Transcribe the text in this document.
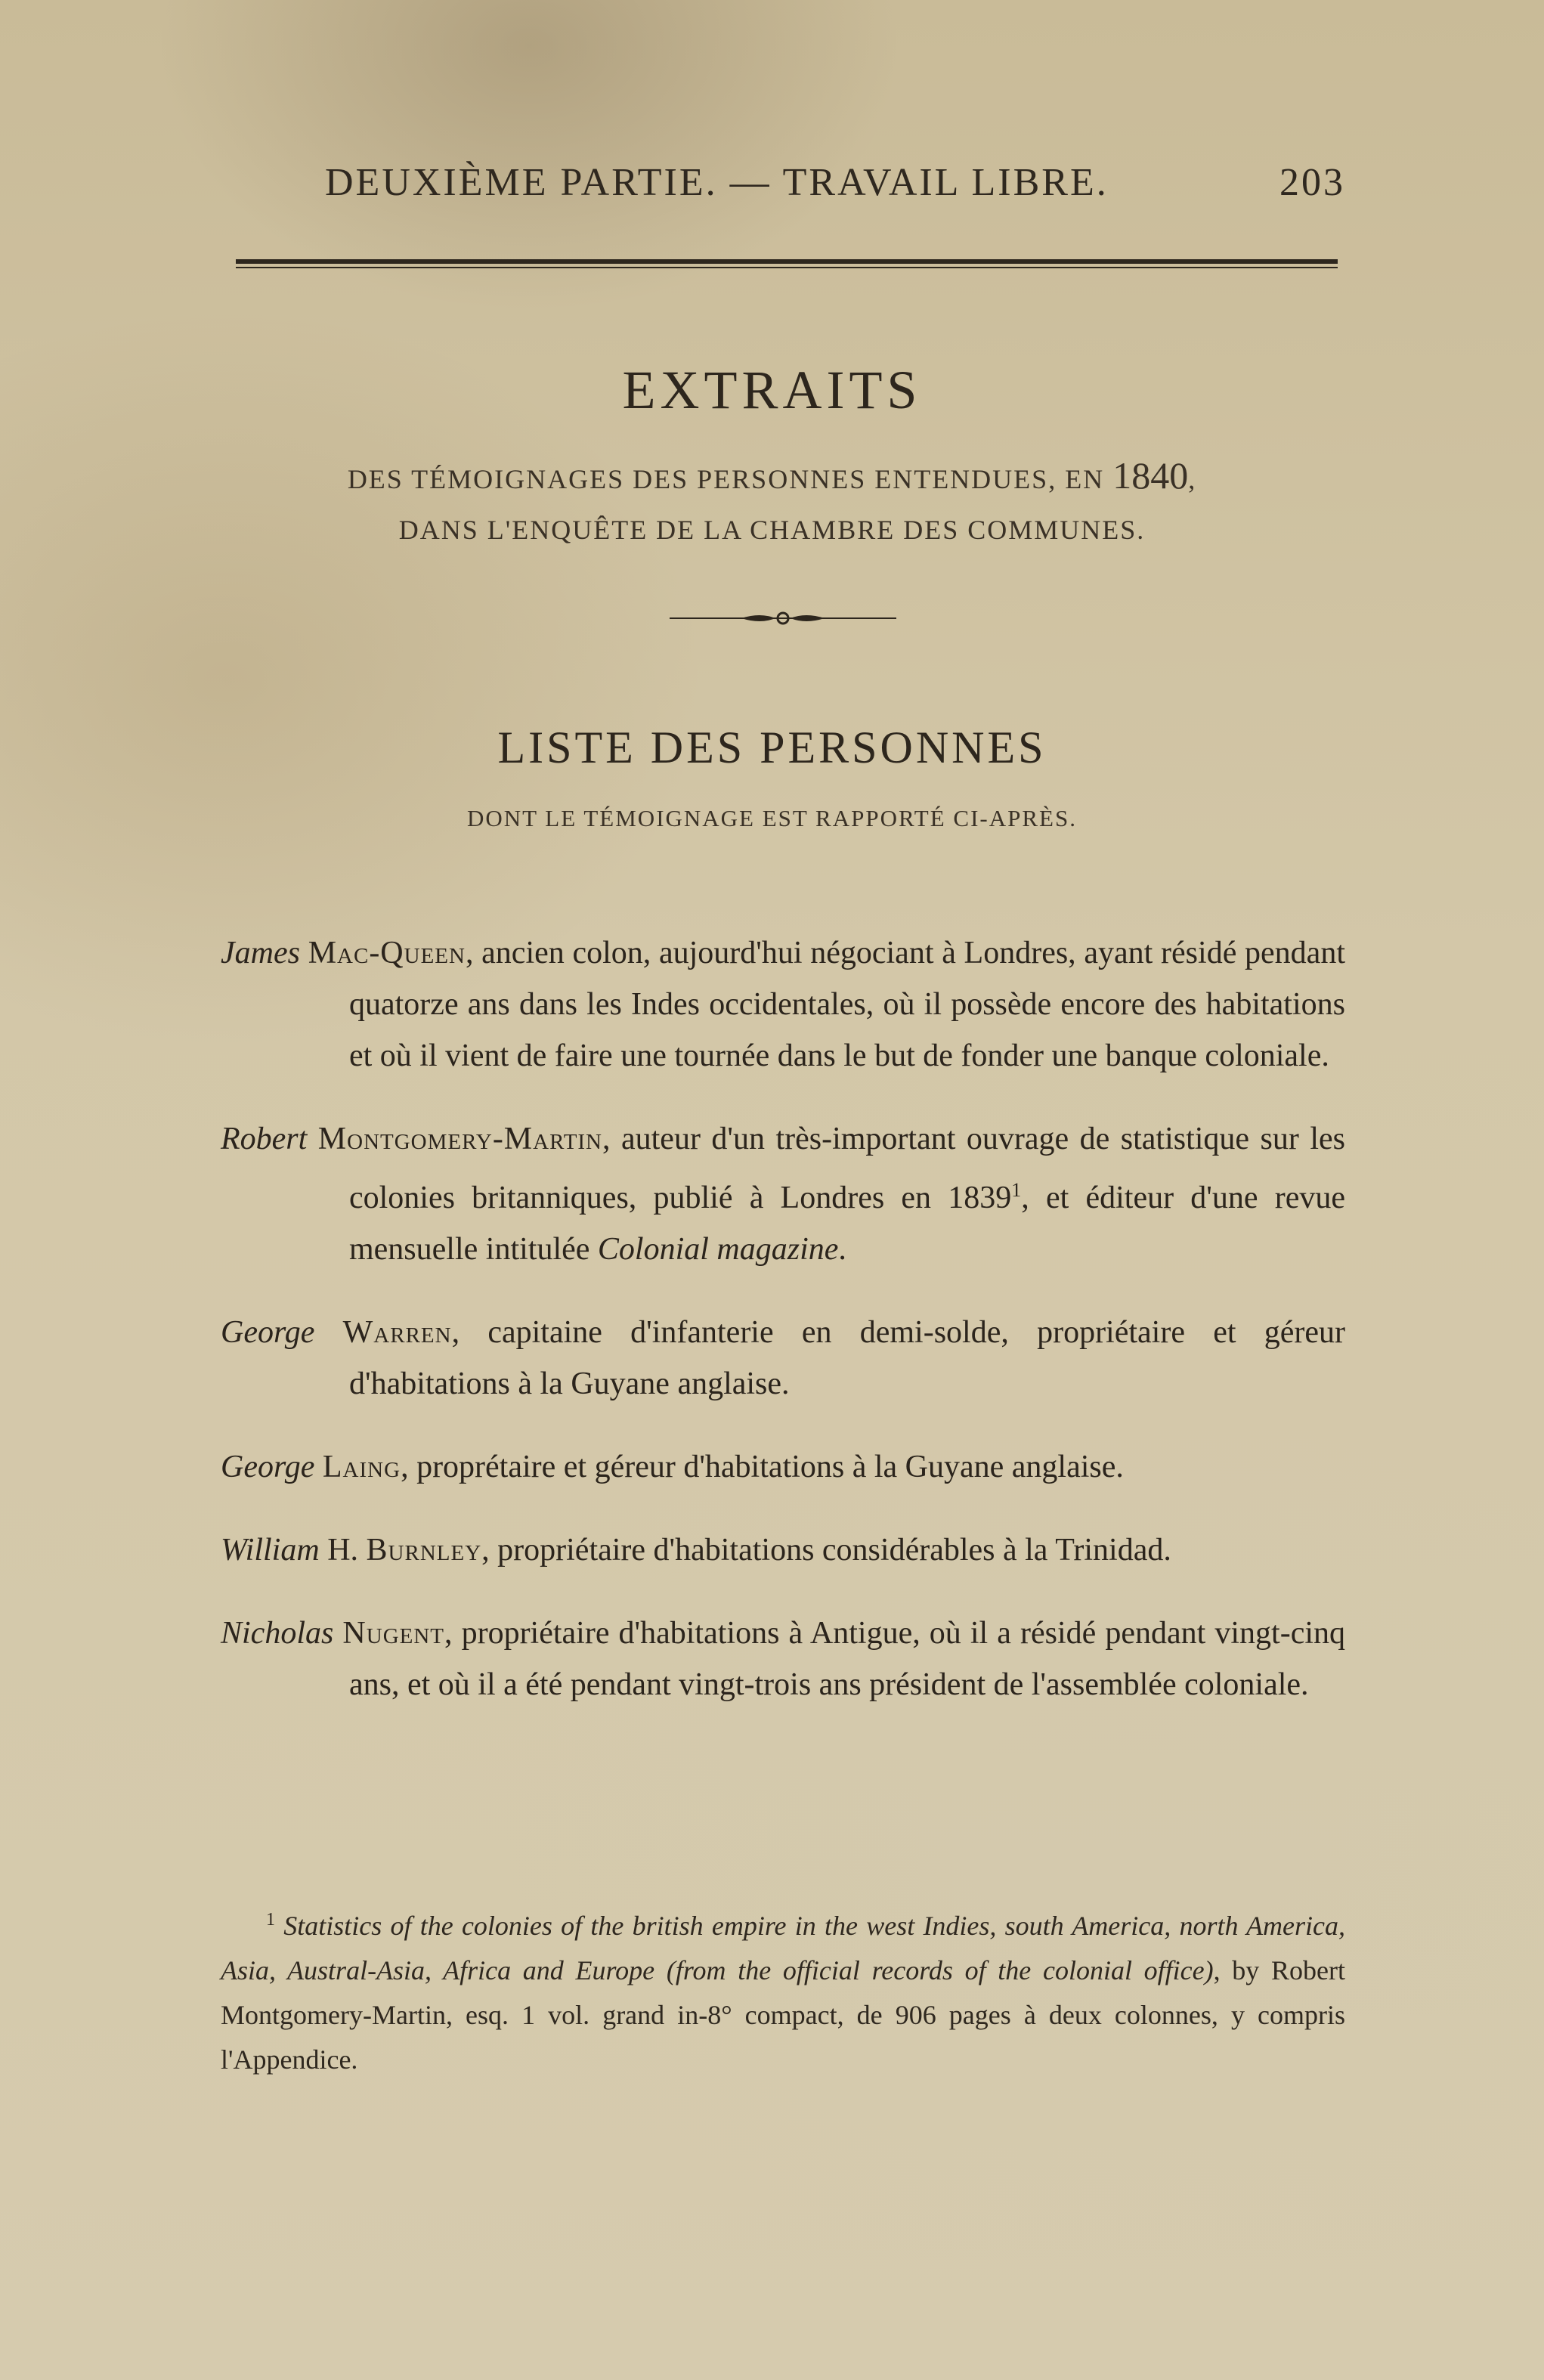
DEUXIÈME PARTIE. — TRAVAIL LIBRE.	203
EXTRAITS
DES TÉMOIGNAGES DES PERSONNES ENTENDUES, EN 1840,
DANS L'ENQUÊTE DE LA CHAMBRE DES COMMUNES.
LISTE DES PERSONNES
DONT LE TÉMOIGNAGE EST RAPPORTÉ CI-APRÈS.

James Mac-Queen, ancien colon, aujourd'hui négociant à Londres, ayant résidé pendant quatorze ans dans les Indes occidentales, où il possède encore des habitations et où il vient de faire une tournée dans le but de fonder une banque coloniale.

Robert Montgomery-Martin, auteur d'un très-important ouvrage de statistique sur les colonies britanniques, publié à Londres en 1839$^1$, et éditeur d'une revue mensuelle intitulée Colonial magazine.

George Warren, capitaine d'infanterie en demi-solde, propriétaire et géreur d'habitations à la Guyane anglaise.

George Laing, proprétaire et géreur d'habitations à la Guyane anglaise.

William H. Burnley, propriétaire d'habitations considérables à la Trinidad.

Nicholas Nugent, propriétaire d'habitations à Antigue, où il a résidé pendant vingt-cinq ans, et où il a été pendant vingt-trois ans président de l'assemblée coloniale.

$^1$ Statistics of the colonies of the british empire in the west Indies, south America, north America, Asia, Austral-Asia, Africa and Europe (from the official records of the colonial office), by Robert Montgomery-Martin, esq. 1 vol. grand in-8° compact, de 906 pages à deux colonnes, y compris l'Appendice.
